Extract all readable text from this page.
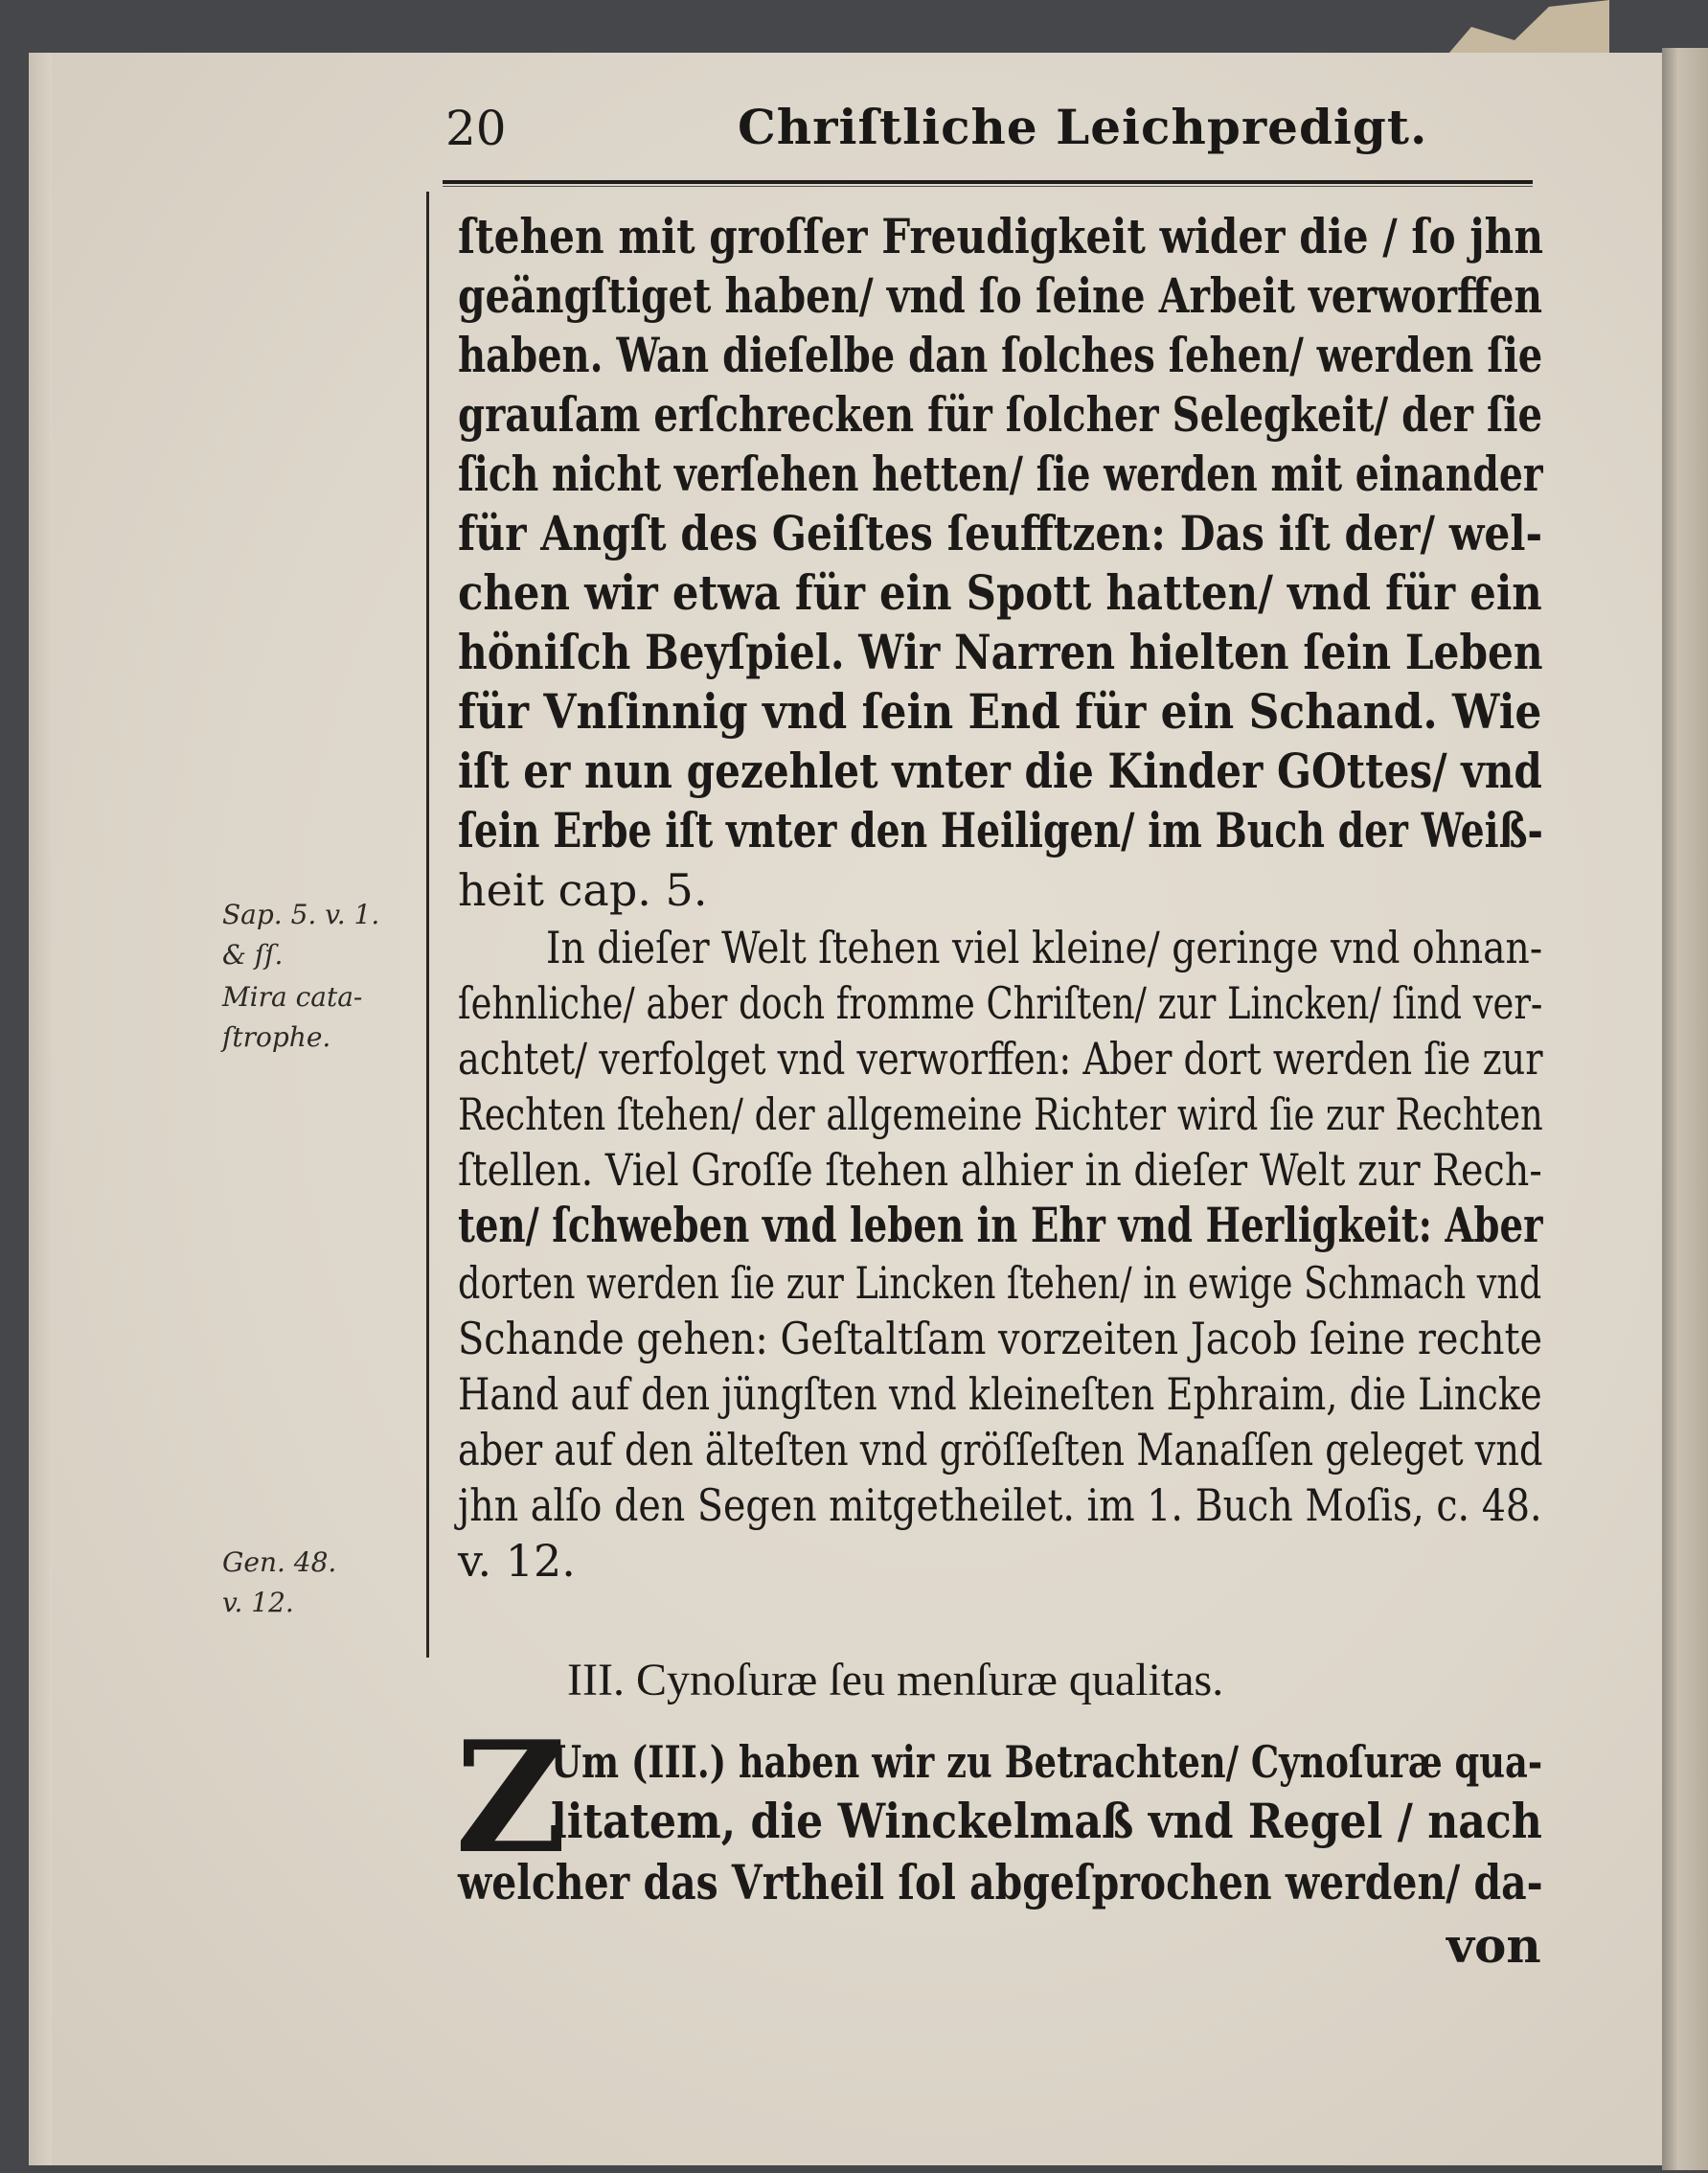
20	Chriſtliche Leichpredigt.
Sap. 5. v. 1.
& ſſ.
Mira cata-
ſtrophe.
Gen. 48.
v. 12.
ſtehen mit groſſer Freudigkeit wider die / ſo jhn
geängſtiget haben/ vnd ſo ſeine Arbeit verworffen
haben. Wan dieſelbe dan ſolches ſehen/ werden ſie
grauſam erſchrecken für ſolcher Selegkeit/ der ſie
ſich nicht verſehen hetten/ ſie werden mit einander
für Angſt des Geiſtes ſeufftzen: Das iſt der/ wel-
chen wir etwa für ein Spott hatten/ vnd für ein
höniſch Beyſpiel. Wir Narren hielten ſein Leben
für Vnſinnig vnd ſein End für ein Schand. Wie
iſt er nun gezehlet vnter die Kinder GOttes/ vnd
ſein Erbe iſt vnter den Heiligen/ im Buch der Weiß-
heit cap. 5.
In dieſer Welt ſtehen viel kleine/ geringe vnd ohnan-
ſehnliche/ aber doch fromme Chriſten/ zur Lincken/ ſind ver-
achtet/ verfolget vnd verworffen: Aber dort werden ſie zur
Rechten ſtehen/ der allgemeine Richter wird ſie zur Rechten
ſtellen. Viel Groſſe ſtehen alhier in dieſer Welt zur Rech-
ten/ ſchweben vnd leben in Ehr vnd Herligkeit: Aber
dorten werden ſie zur Lincken ſtehen/ in ewige Schmach vnd
Schande gehen: Geſtaltſam vorzeiten Jacob ſeine rechte
Hand auf den jüngſten vnd kleineſten Ephraim, die Lincke
aber auf den älteſten vnd gröſſeſten Manaſſen geleget vnd
jhn alſo den Segen mitgetheilet. im 1. Buch Moſis, c. 48.
v. 12.
III. Cynoſuræ ſeu menſuræ qualitas.
Z
Um (III.) haben wir zu Betrachten/ Cynoſuræ qua-
litatem, die Winckelmaß vnd Regel / nach
welcher das Vrtheil ſol abgeſprochen werden/ da-
von
